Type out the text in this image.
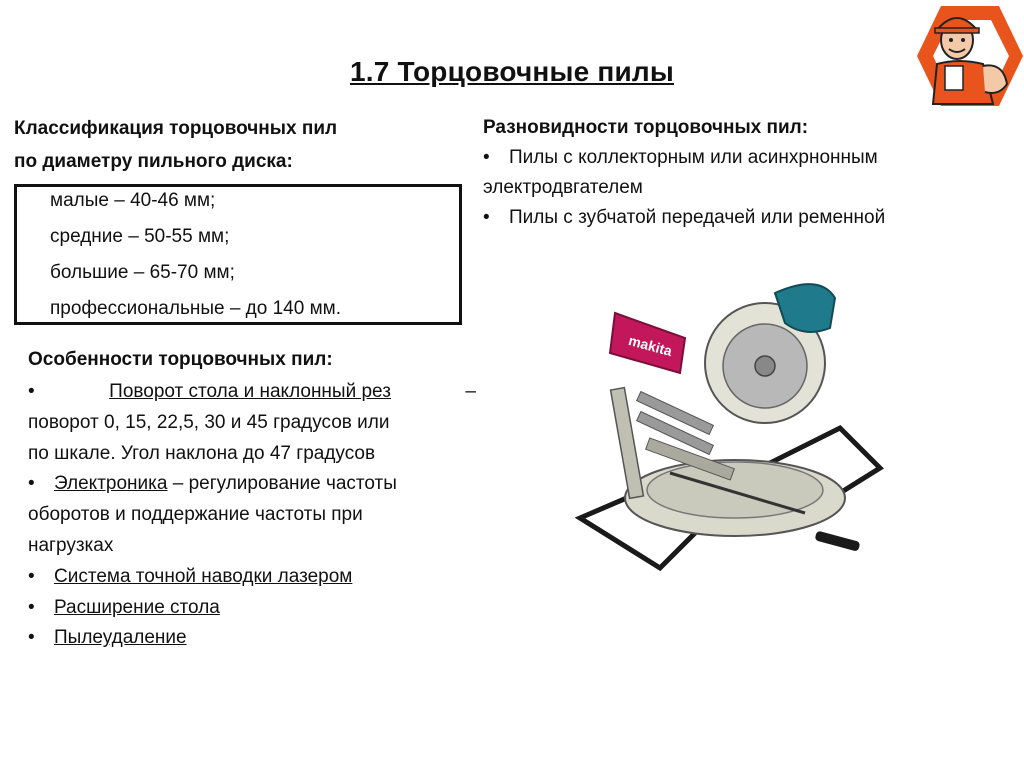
1.7 Торцовочные пилы
Классификация торцовочных пил
по диаметру пильного диска:
малые – 40-46 мм;
средние – 50-55 мм;
большие – 65-70 мм;
профессиональные – до 140 мм.
Разновидности торцовочных пил:
• Пилы с коллекторным или асинхрнонным
электродвгателем
• Пилы с зубчатой передачей или ременной
Особенности торцовочных пил:
•	Поворот стола и наклонный рез	–
поворот 0, 15, 22,5, 30 и 45 градусов или
по шкале. Угол наклона до 47 градусов
• Электроника – регулирование частоты
оборотов и поддержание частоты при
нагрузках
• Система точной наводки лазером
• Расширение стола
• Пылеудаление
makita
